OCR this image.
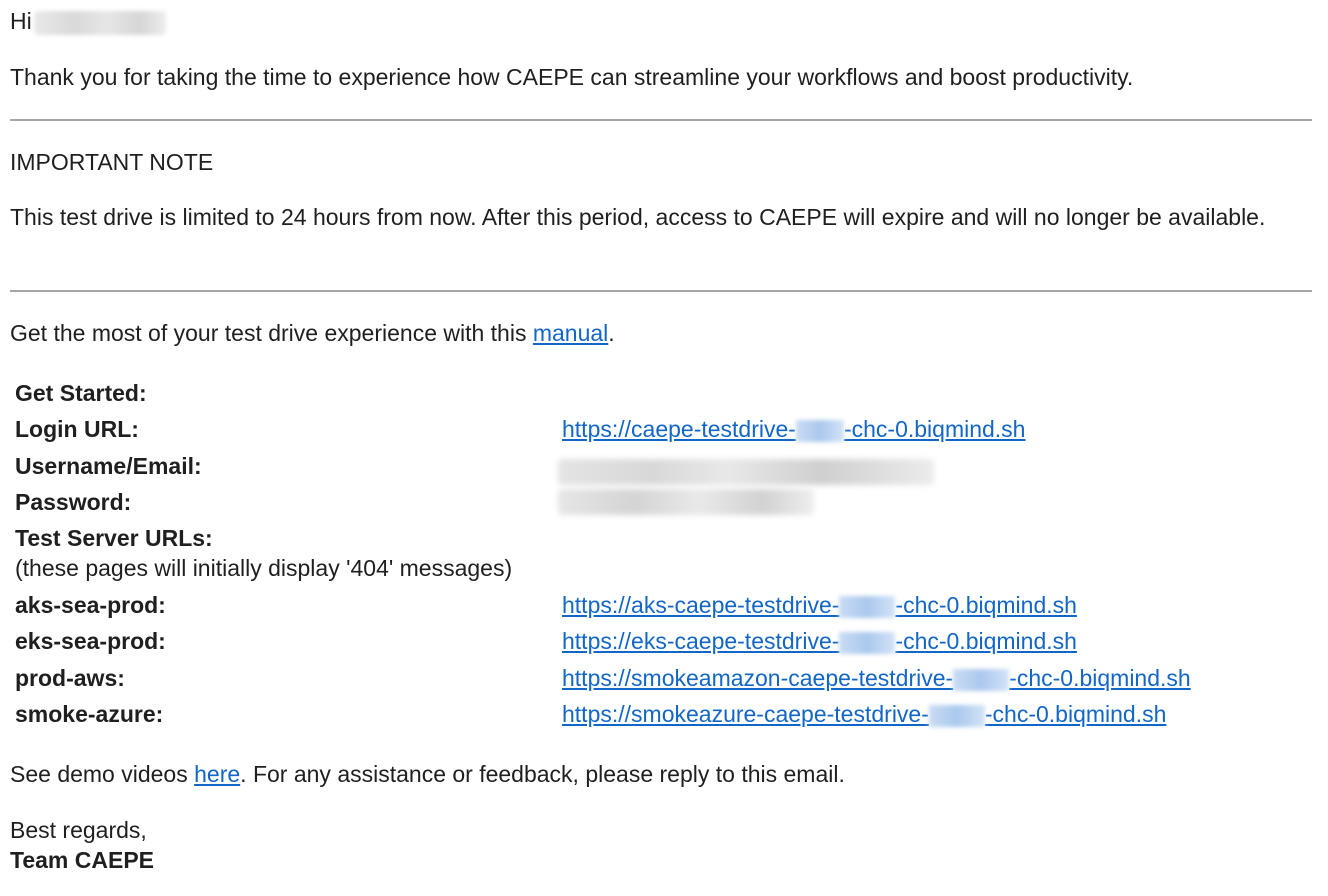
Hi
Thank you for taking the time to experience how CAEPE can streamline your workflows and boost productivity.
IMPORTANT NOTE
This test drive is limited to 24 hours from now. After this period, access to CAEPE will expire and will no longer be available.
Get the most of your test drive experience with this manual.
Get Started:
Login URL:	https://caepe-testdrive- -chc-0.biqmind.sh
Username/Email:
Password:
Test Server URLs:
(these pages will initially display '404' messages)
aks-sea-prod:	https://aks-caepe-testdrive- -chc-0.biqmind.sh
eks-sea-prod:	https://eks-caepe-testdrive- -chc-0.biqmind.sh
prod-aws:	https://smokeamazon-caepe-testdrive- -chc-0.biqmind.sh
smoke-azure:	https://smokeazure-caepe-testdrive- -chc-0.biqmind.sh
See demo videos here. For any assistance or feedback, please reply to this email.
Best regards,
Team CAEPE
